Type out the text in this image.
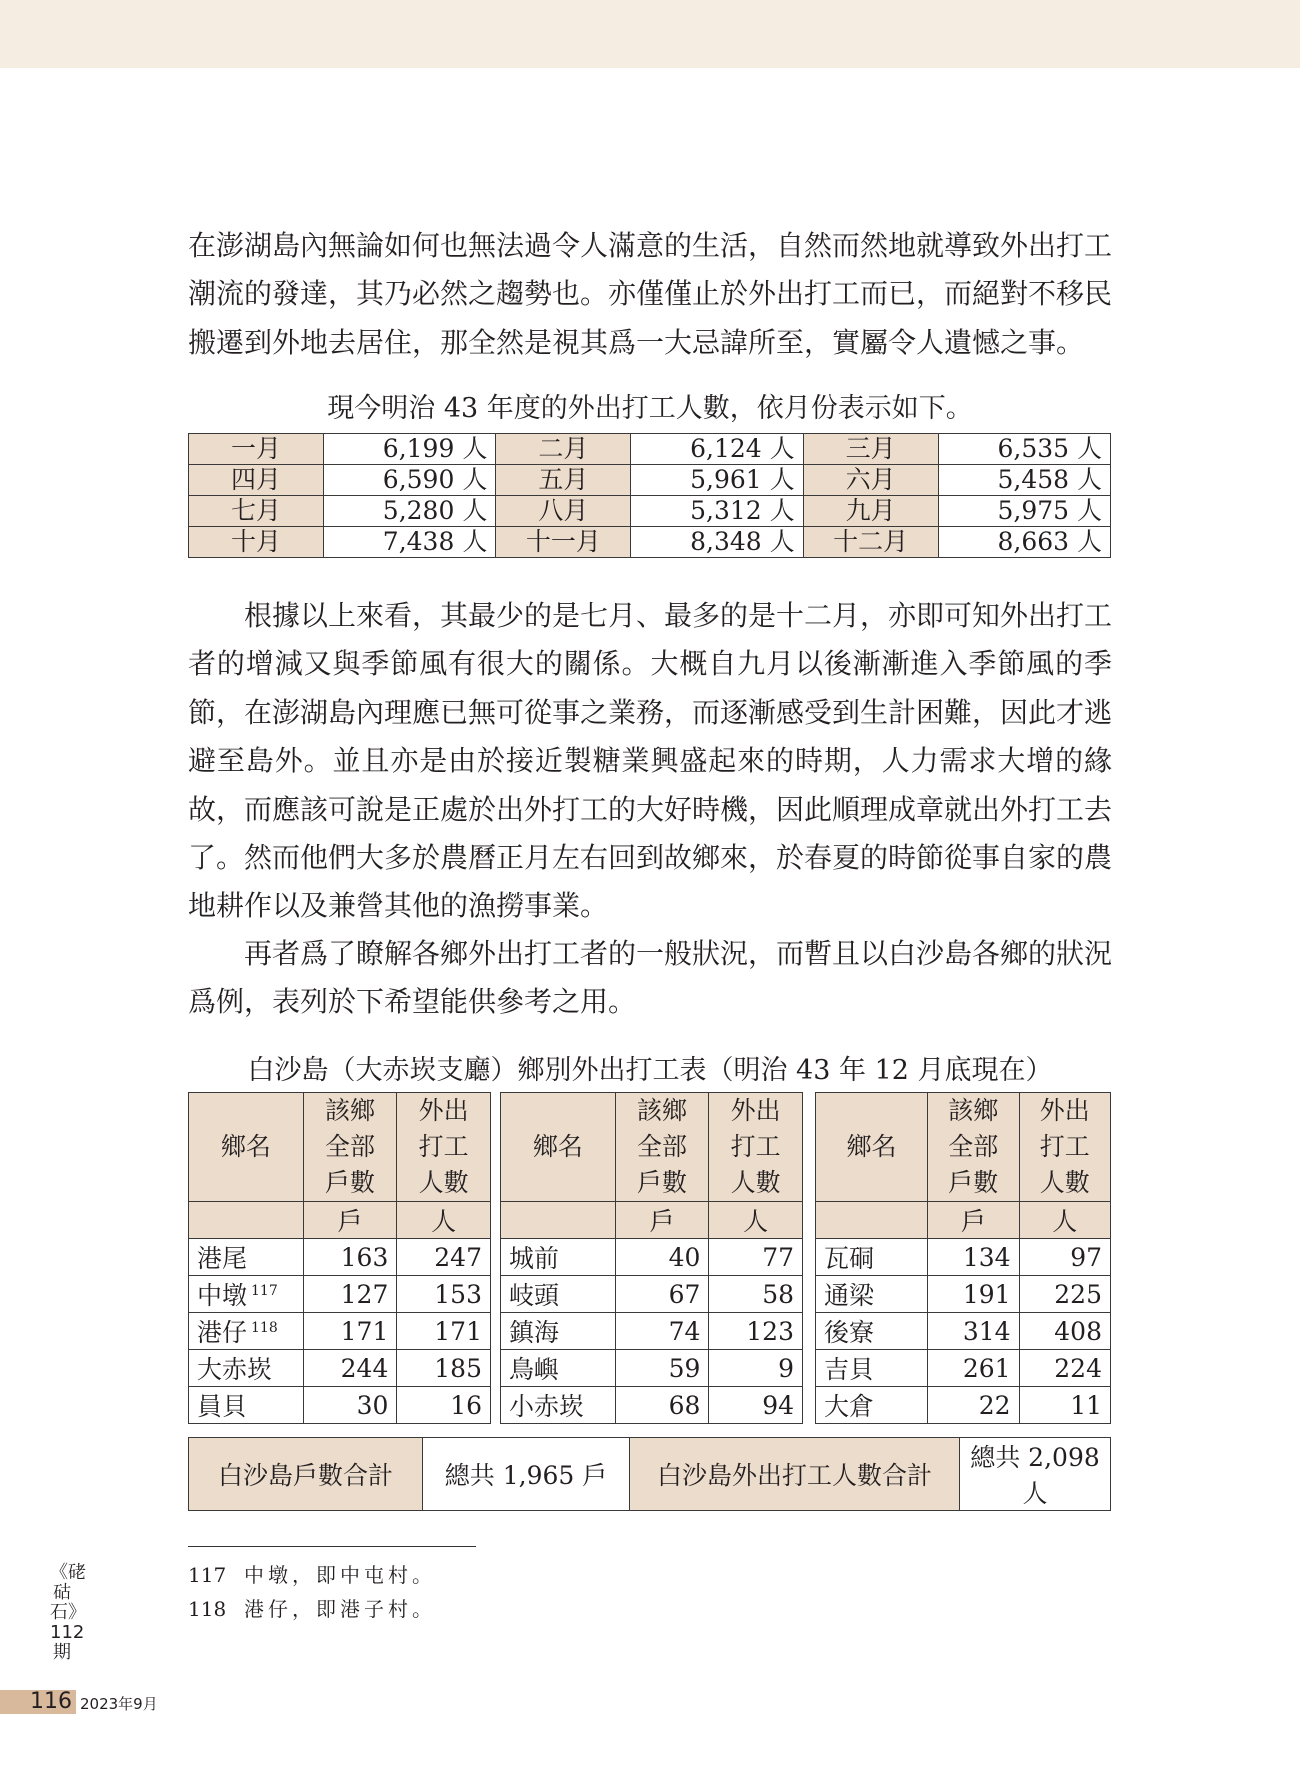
在澎湖島內無論如何也無法過令人滿意的生活，自然而然地就導致外出打工潮流的發達，其乃必然之趨勢也。亦僅僅止於外出打工而已，而絕對不移民搬遷到外地去居住，那全然是視其爲一大忌諱所至，實屬令人遺憾之事。
現今明治 43 年度的外出打工人數，依月份表示如下。
一月	6,199 人	二月	6,124 人	三月	6,535 人
四月	6,590 人	五月	5,961 人	六月	5,458 人
七月	5,280 人	八月	5,312 人	九月	5,975 人
十月	7,438 人	十一月	8,348 人	十二月	8,663 人
　　根據以上來看，其最少的是七月、最多的是十二月，亦即可知外出打工者的增減又與季節風有很大的關係。大概自九月以後漸漸進入季節風的季節，在澎湖島內理應已無可從事之業務，而逐漸感受到生計困難，因此才逃避至島外。並且亦是由於接近製糖業興盛起來的時期，人力需求大增的緣故，而應該可說是正處於出外打工的大好時機，因此順理成章就出外打工去了。然而他們大多於農曆正月左右回到故鄉來，於春夏的時節從事自家的農地耕作以及兼營其他的漁撈事業。
　　再者爲了瞭解各鄉外出打工者的一般狀況，而暫且以白沙島各鄉的狀況爲例，表列於下希望能供參考之用。
白沙島（大赤崁支廳）鄉別外出打工表（明治 43 年 12 月底現在）
鄉名	該鄉全部戶數	外出打工人數
	戶	人
港尾	163	247
中墩 $^{117}$	127	153
港仔 $^{118}$	171	171
大赤崁	244	185
員貝	30	16
鄉名	該鄉全部戶數	外出打工人數
	戶	人
城前	40	77
岐頭	67	58
鎮海	74	123
鳥嶼	59	9
小赤崁	68	94
鄉名	該鄉全部戶數	外出打工人數
	戶	人
瓦硐	134	97
通梁	191	225
後寮	314	408
吉貝	261	224
大倉	22	11
白沙島戶數合計	總共 1,965 戶	白沙島外出打工人數合計	總共 2,098 人
117 中墩，即中屯村。
118 港仔，即港子村。
《硓𥑮石》
112期
116 2023年9月
